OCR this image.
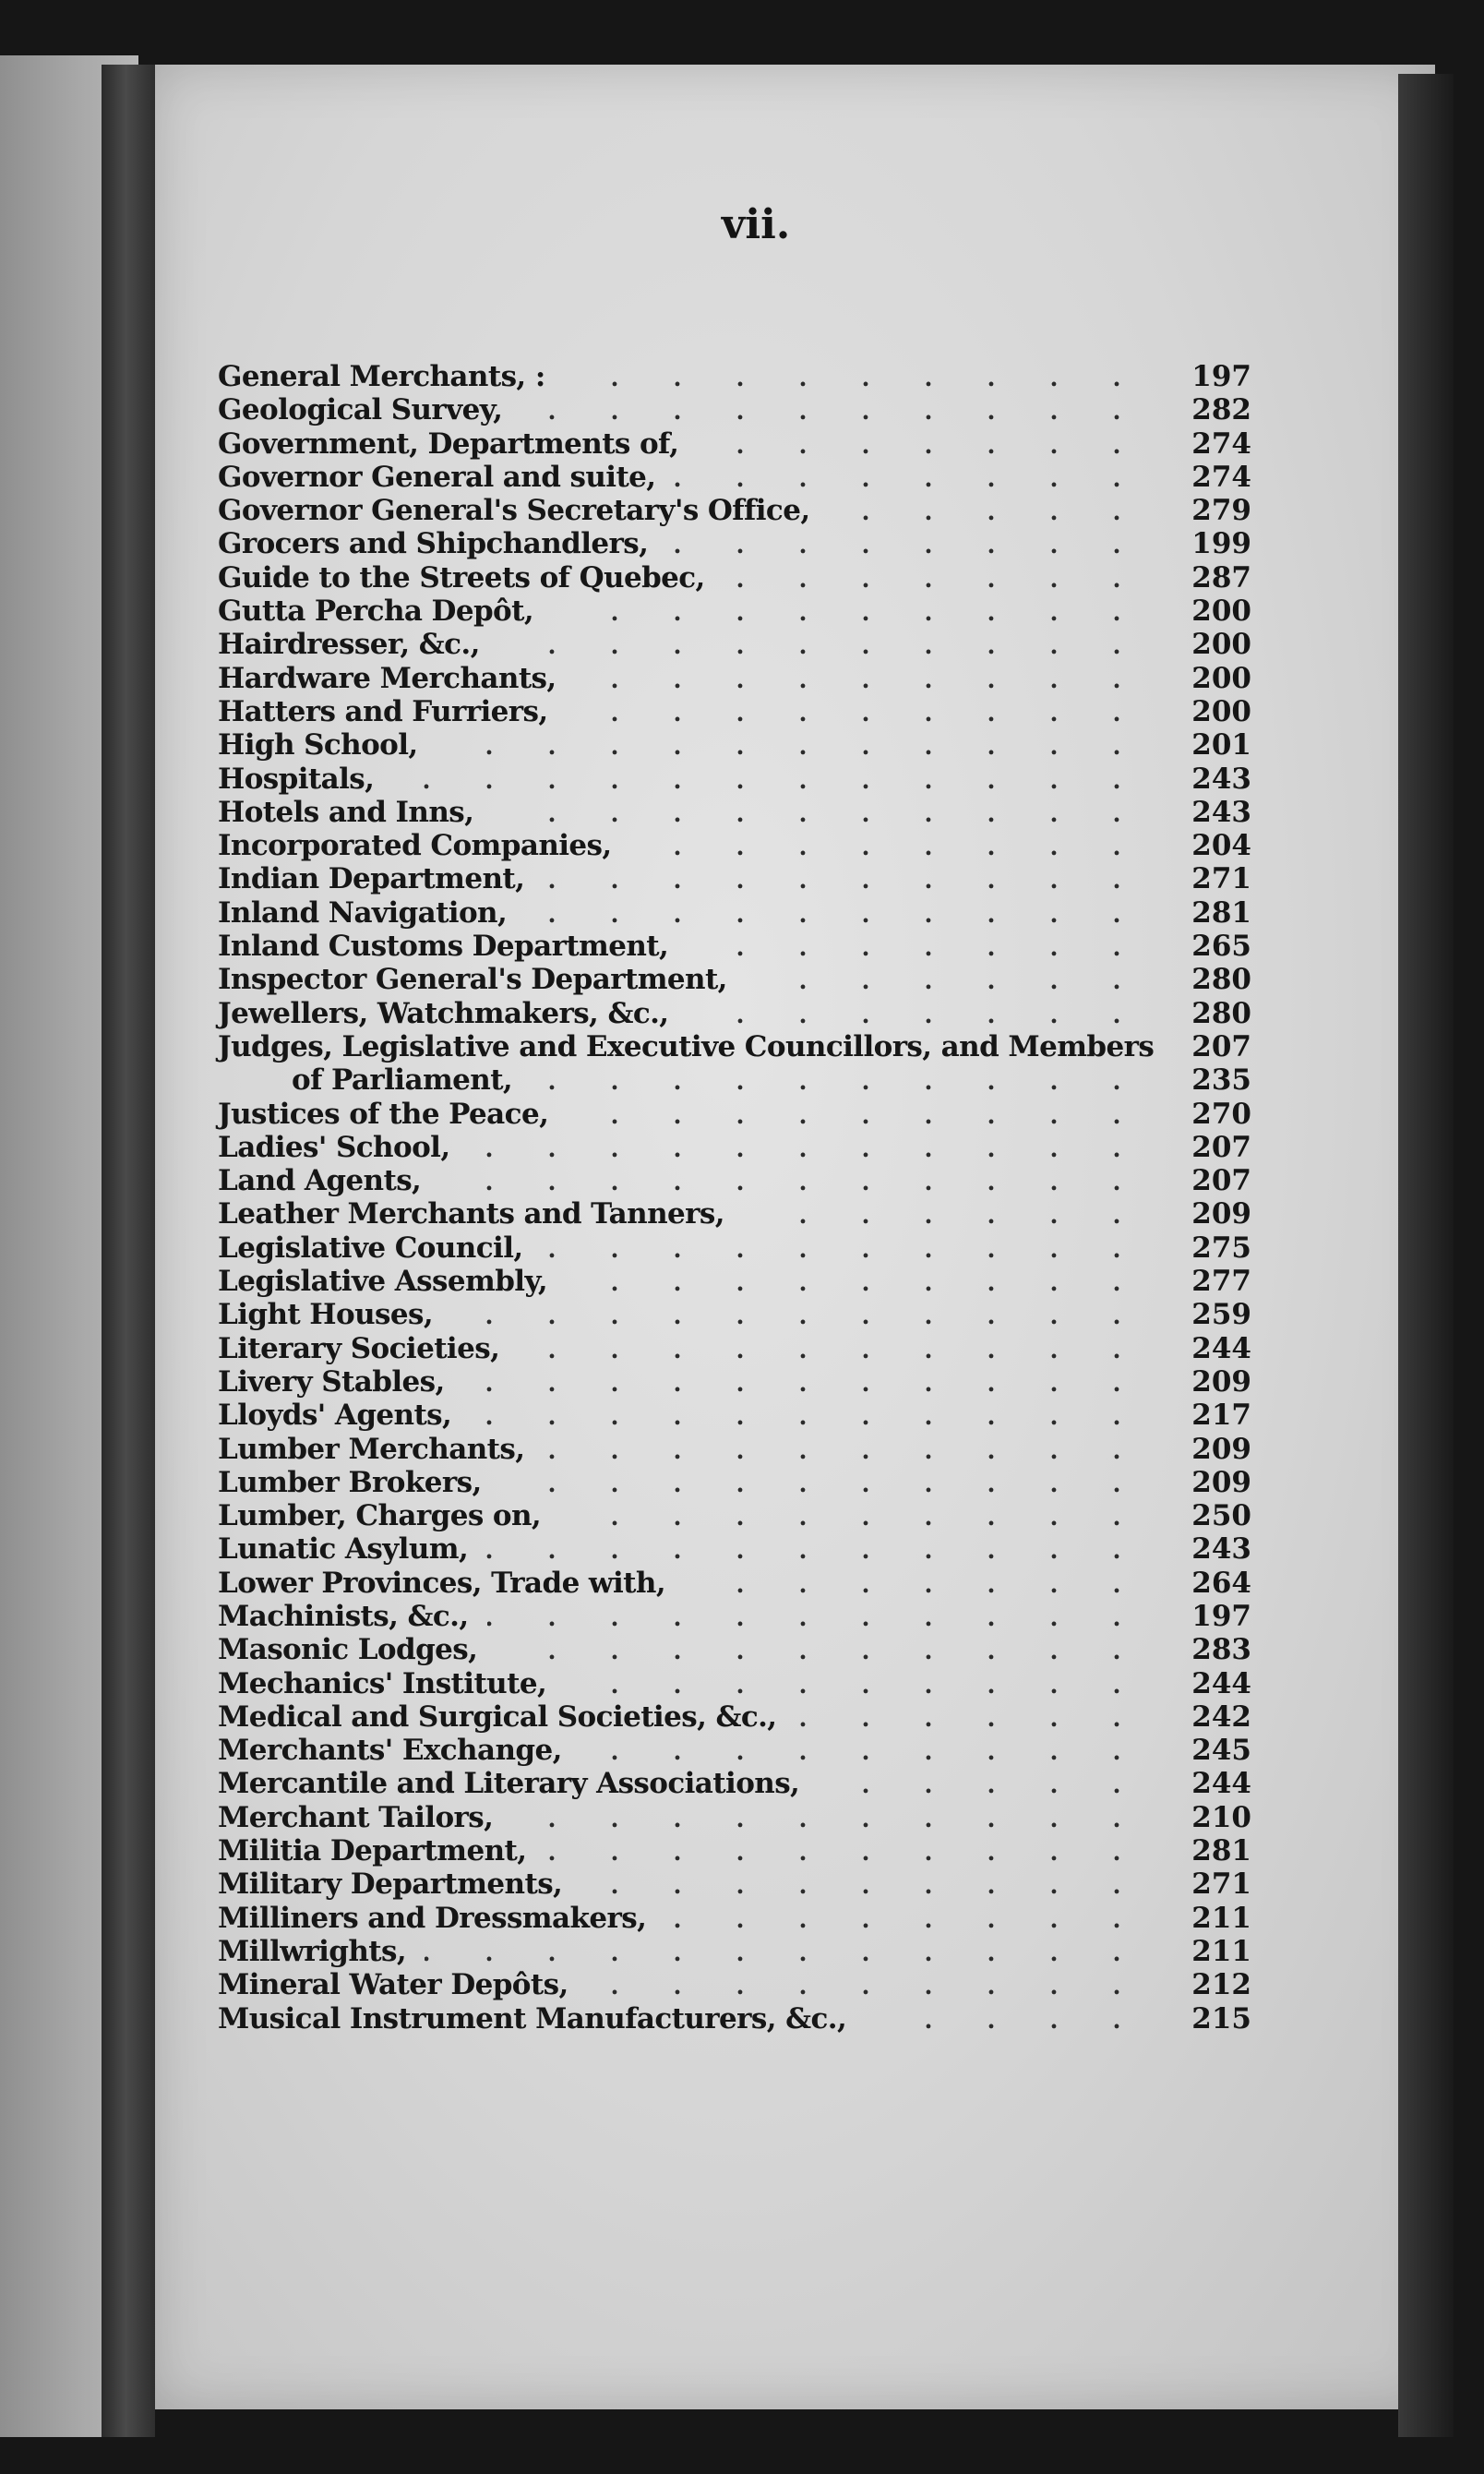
vii.
General Merchants, :	197
Geological Survey,	282
Government, Departments of,	274
Governor General and suite,	274
Governor General's Secretary's Office,	279
Grocers and Shipchandlers,	199
Guide to the Streets of Quebec,	287
Gutta Percha Depôt,	200
Hairdresser, &c.,	200
Hardware Merchants,	200
Hatters and Furriers,	200
High School,	201
Hospitals,	243
Hotels and Inns,	243
Incorporated Companies,	204
Indian Department,	271
Inland Navigation,	281
Inland Customs Department,	265
Inspector General's Department,	280
Jewellers, Watchmakers, &c.,	280
Judges, Legislative and Executive Councillors, and Members 207
of Parliament,	235
Justices of the Peace,	270
Ladies' School,	207
Land Agents,	207
Leather Merchants and Tanners,	209
Legislative Council,	275
Legislative Assembly,	277
Light Houses,	259
Literary Societies,	244
Livery Stables,	209
Lloyds' Agents,	217
Lumber Merchants,	209
Lumber Brokers,	209
Lumber, Charges on,	250
Lunatic Asylum,	243
Lower Provinces, Trade with,	264
Machinists, &c.,	197
Masonic Lodges,	283
Mechanics' Institute,	244
Medical and Surgical Societies, &c.,	242
Merchants' Exchange,	245
Mercantile and Literary Associations,	244
Merchant Tailors,	210
Militia Department,	281
Military Departments,	271
Milliners and Dressmakers,	211
Millwrights,	211
Mineral Water Depôts,	212
Musical Instrument Manufacturers, &c.,	215
